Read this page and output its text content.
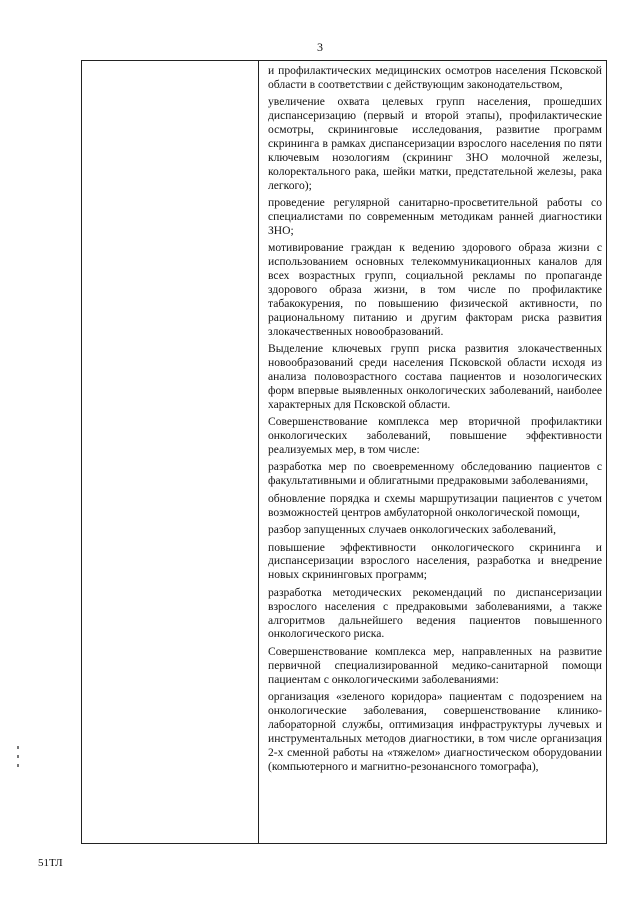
3

и профилактических медицинских осмотров населения Псковской области в соответствии с действующим законодательством,

увеличение охвата целевых групп населения, прошедших диспансеризацию (первый и второй этапы), профилактические осмотры, скрининговые исследования, развитие программ скрининга в рамках диспансеризации взрослого населения по пяти ключевым нозологиям (скрининг ЗНО молочной железы, колоректального рака, шейки матки, предстательной железы, рака легкого);

проведение регулярной санитарно-просветительной работы со специалистами по современным методикам ранней диагностики ЗНО;

мотивирование граждан к ведению здорового образа жизни с использованием основных телекоммуникационных каналов для всех возрастных групп, социальной рекламы по пропаганде здорового образа жизни, в том числе по профилактике табакокурения, по повышению физической активности, по рациональному питанию и другим факторам риска развития злокачественных новообразований.

Выделение ключевых групп риска развития злокачественных новообразований среди населения Псковской области исходя из анализа половозрастного состава пациентов и нозологических форм впервые выявленных онкологических заболеваний, наиболее характерных для Псковской области.

Совершенствование комплекса мер вторичной профилактики онкологических заболеваний, повышение эффективности реализуемых мер, в том числе:

разработка мер по своевременному обследованию пациентов с факультативными и облигатными предраковыми заболеваниями,

обновление порядка и схемы маршрутизации пациентов с учетом возможностей центров амбулаторной онкологической помощи,

разбор запущенных случаев онкологических заболеваний,

повышение эффективности онкологического скрининга и диспансеризации взрослого населения, разработка и внедрение новых скрининговых программ;

разработка методических рекомендаций по диспансеризации взрослого населения с предраковыми заболеваниями, а также алгоритмов дальнейшего ведения пациентов повышенного онкологического риска.

Совершенствование комплекса мер, направленных на развитие первичной специализированной медико-санитарной помощи пациентам с онкологическими заболеваниями:

организация «зеленого коридора» пациентам с подозрением на онкологические заболевания, совершенствование клинико-лабораторной службы, оптимизация инфраструктуры лучевых и инструментальных методов диагностики, в том числе организация 2-х сменной работы на «тяжелом» диагностическом оборудовании (компьютерного и магнитно-резонансного томографа),

51ТЛ
